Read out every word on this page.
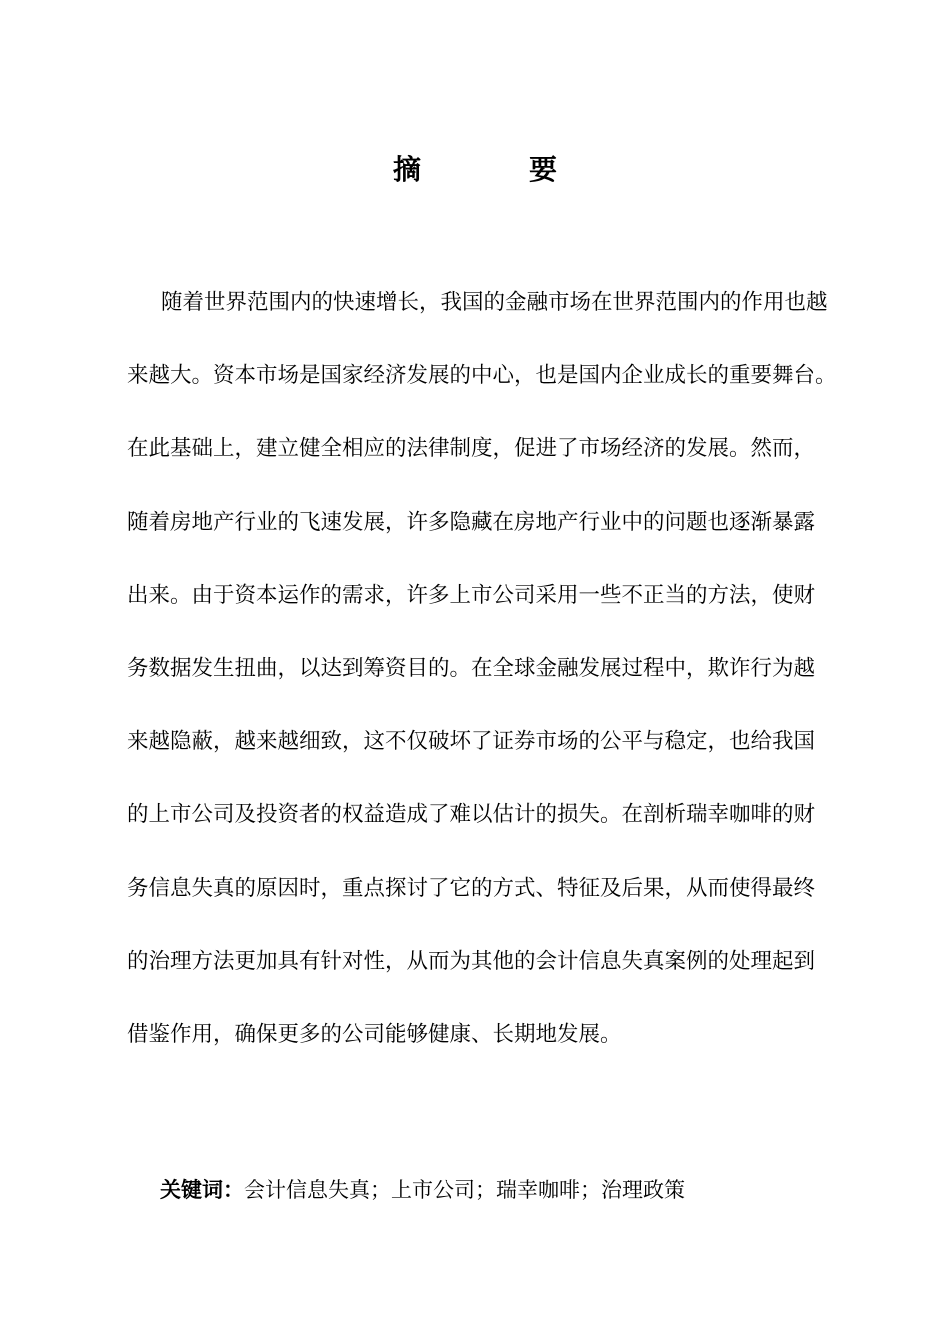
摘　要
随着世界范围内的快速增长，我国的金融市场在世界范围内的作用也越
来越大。资本市场是国家经济发展的中心，也是国内企业成长的重要舞台。
在此基础上，建立健全相应的法律制度，促进了市场经济的发展。然而，
随着房地产行业的飞速发展，许多隐藏在房地产行业中的问题也逐渐暴露
出来。由于资本运作的需求，许多上市公司采用一些不正当的方法，使财
务数据发生扭曲，以达到筹资目的。在全球金融发展过程中，欺诈行为越
来越隐蔽，越来越细致，这不仅破坏了证券市场的公平与稳定，也给我国
的上市公司及投资者的权益造成了难以估计的损失。在剖析瑞幸咖啡的财
务信息失真的原因时，重点探讨了它的方式、特征及后果，从而使得最终
的治理方法更加具有针对性，从而为其他的会计信息失真案例的处理起到
借鉴作用，确保更多的公司能够健康、长期地发展。
关键词：会计信息失真；上市公司；瑞幸咖啡；治理政策
